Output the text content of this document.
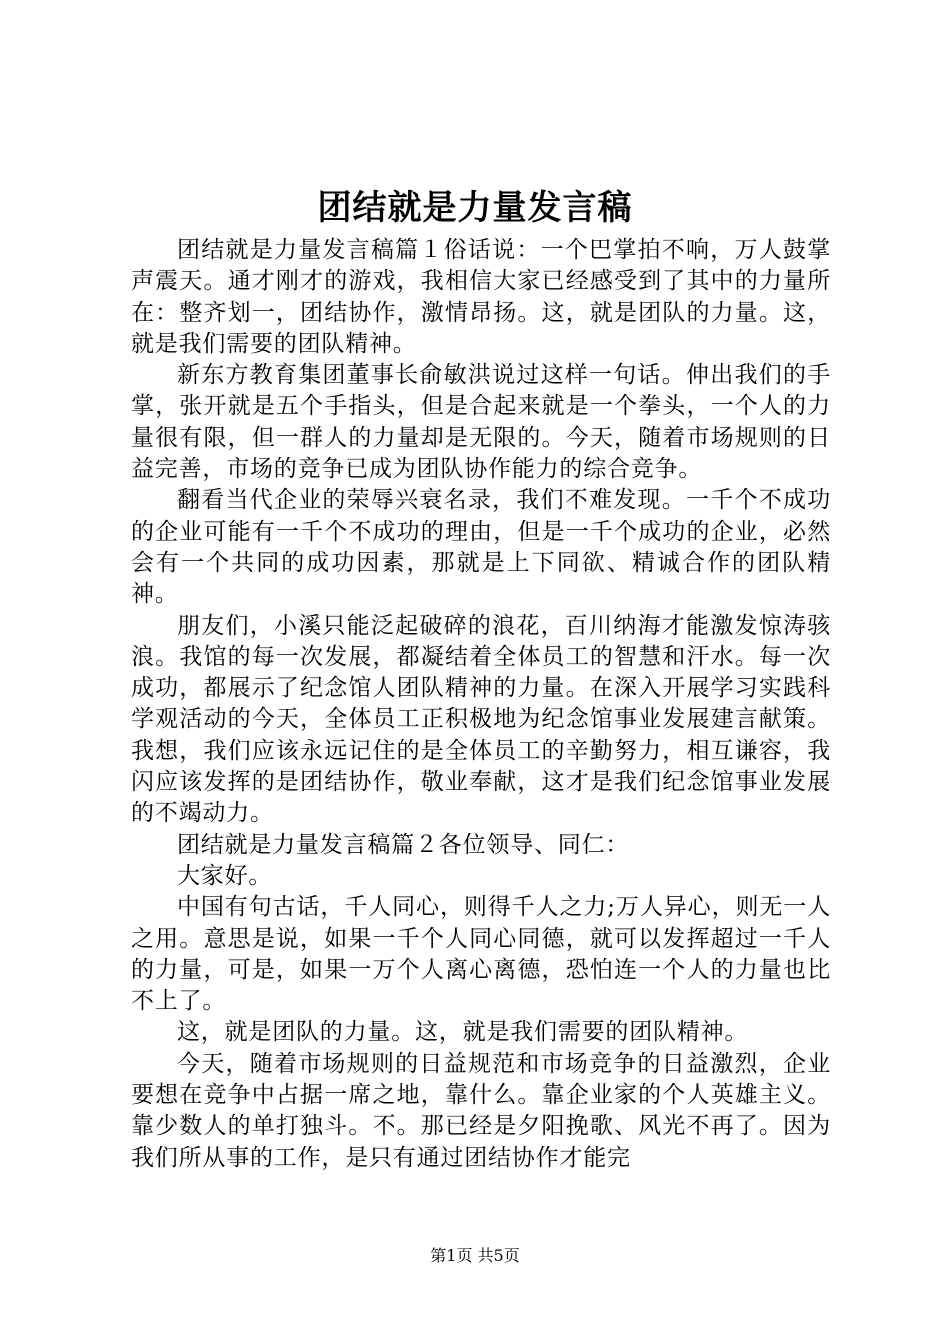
团结就是力量发言稿

团结就是力量发言稿篇１俗话说：一个巴掌拍不响，万人鼓掌声震天。通才刚才的游戏，我相信大家已经感受到了其中的力量所在：整齐划一，团结协作，激情昂扬。这，就是团队的力量。这，就是我们需要的团队精神。

新东方教育集团董事长俞敏洪说过这样一句话。伸出我们的手掌，张开就是五个手指头，但是合起来就是一个拳头，一个人的力量很有限，但一群人的力量却是无限的。今天，随着市场规则的日益完善，市场的竞争已成为团队协作能力的综合竞争。

翻看当代企业的荣辱兴衰名录，我们不难发现。一千个不成功的企业可能有一千个不成功的理由，但是一千个成功的企业，必然会有一个共同的成功因素，那就是上下同欲、精诚合作的团队精神。

朋友们，小溪只能泛起破碎的浪花，百川纳海才能激发惊涛骇浪。我馆的每一次发展，都凝结着全体员工的智慧和汗水。每一次成功，都展示了纪念馆人团队精神的力量。在深入开展学习实践科学观活动的今天，全体员工正积极地为纪念馆事业发展建言献策。我想，我们应该永远记住的是全体员工的辛勤努力，相互谦容，我闪应该发挥的是团结协作，敬业奉献，这才是我们纪念馆事业发展的不竭动力。

团结就是力量发言稿篇２各位领导、同仁：

大家好。

中国有句古话，千人同心，则得千人之力;万人异心，则无一人之用。意思是说，如果一千个人同心同德，就可以发挥超过一千人的力量，可是，如果一万个人离心离德，恐怕连一个人的力量也比不上了。

这，就是团队的力量。这，就是我们需要的团队精神。

今天，随着市场规则的日益规范和市场竞争的日益激烈，企业要想在竞争中占据一席之地，靠什么。靠企业家的个人英雄主义。靠少数人的单打独斗。不。那已经是夕阳挽歌、风光不再了。因为我们所从事的工作，是只有通过团结协作才能完

第1页 共5页
